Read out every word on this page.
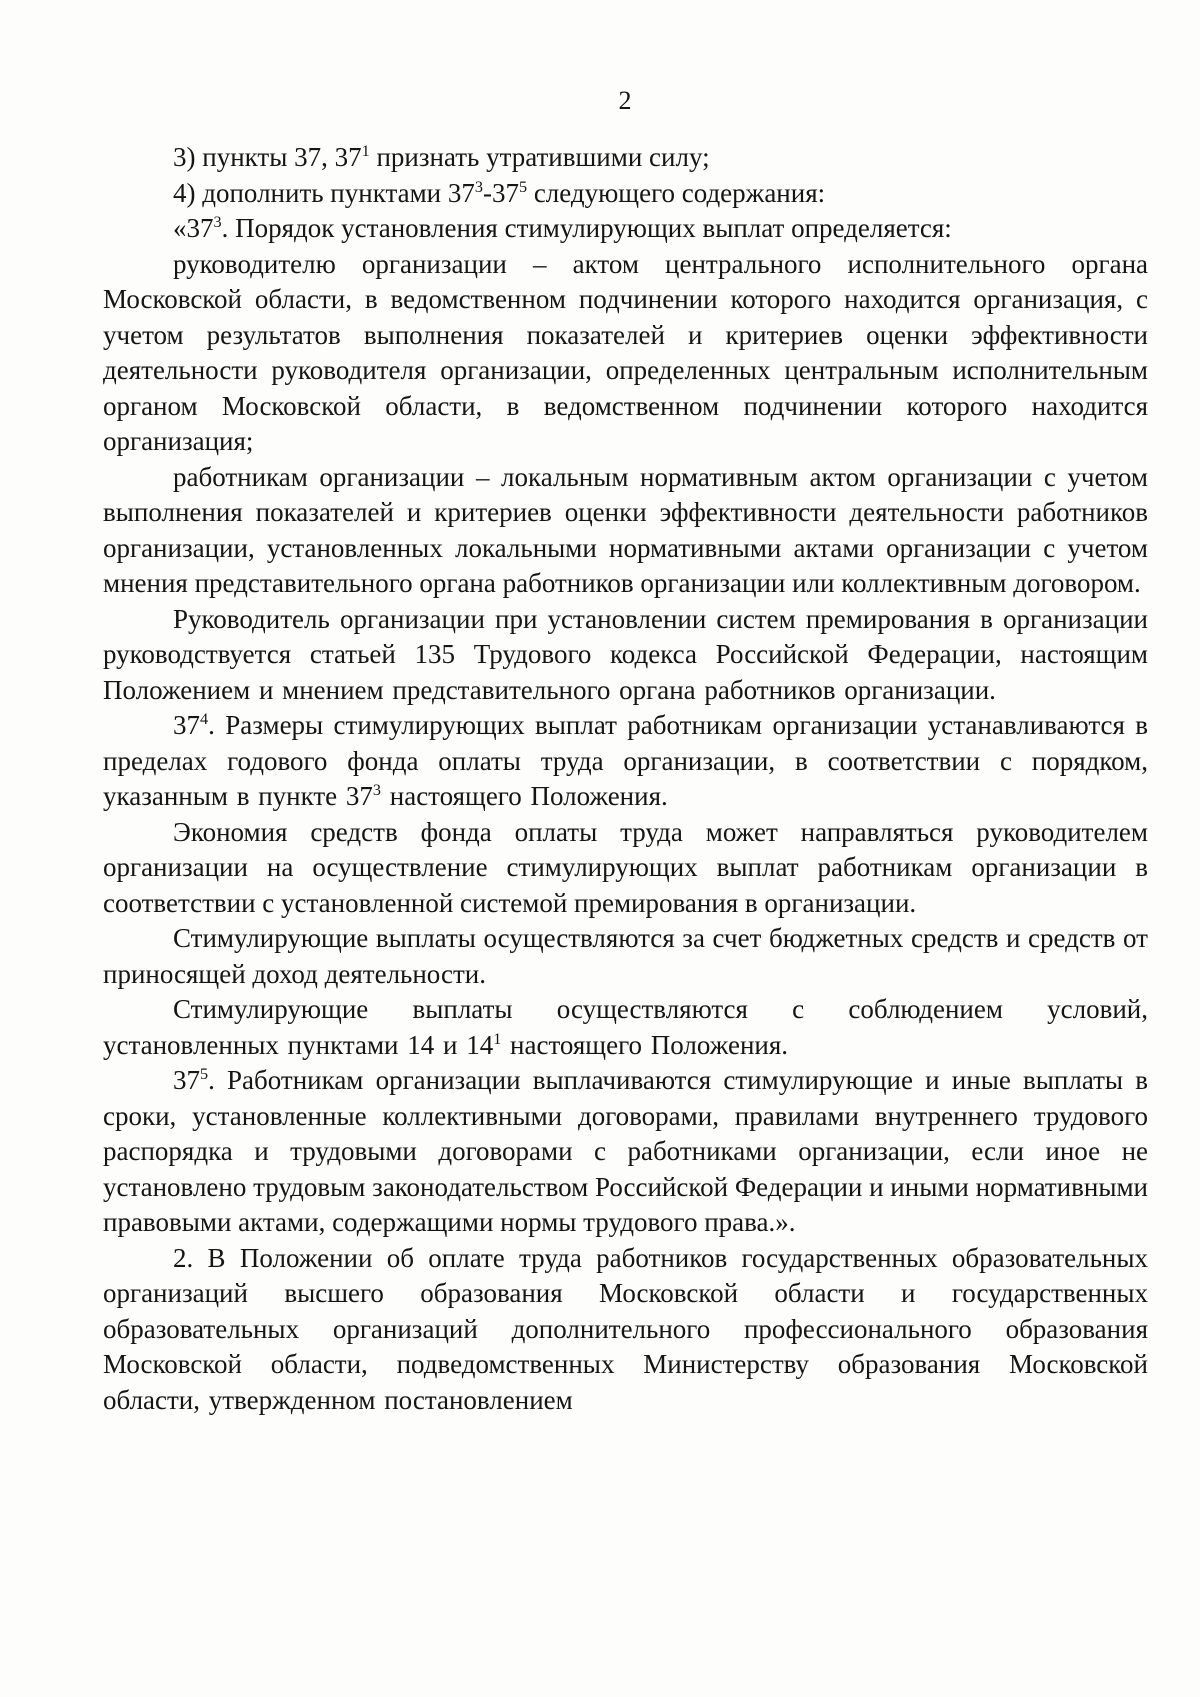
2

3) пункты 37, $37^1$ признать утратившими силу;

4) дополнить пунктами $37^3-37^5$ следующего содержания:

«$37^3$. Порядок установления стимулирующих выплат определяется:

руководителю организации – актом центрального исполнительного органа Московской области, в ведомственном подчинении которого находится организация, с учетом результатов выполнения показателей и критериев оценки эффективности деятельности руководителя организации, определенных центральным исполнительным органом Московской области, в ведомственном подчинении которого находится организация;

работникам организации – локальным нормативным актом организации с учетом выполнения показателей и критериев оценки эффективности деятельности работников организации, установленных локальными нормативными актами организации с учетом мнения представительного органа работников организации или коллективным договором.

Руководитель организации при установлении систем премирования в организации руководствуется статьей 135 Трудового кодекса Российской Федерации, настоящим Положением и мнением представительного органа работников организации.

$37^4$. Размеры стимулирующих выплат работникам организации устанавливаются в пределах годового фонда оплаты труда организации, в соответствии с порядком, указанным в пункте $37^3$ настоящего Положения.

Экономия средств фонда оплаты труда может направляться руководителем организации на осуществление стимулирующих выплат работникам организации в соответствии с установленной системой премирования в организации.

Стимулирующие выплаты осуществляются за счет бюджетных средств и средств от приносящей доход деятельности.

Стимулирующие выплаты осуществляются с соблюдением условий, установленных пунктами 14 и $14^1$ настоящего Положения.

$37^5$. Работникам организации выплачиваются стимулирующие и иные выплаты в сроки, установленные коллективными договорами, правилами внутреннего трудового распорядка и трудовыми договорами с работниками организации, если иное не установлено трудовым законодательством Российской Федерации и иными нормативными правовыми актами, содержащими нормы трудового права.».

2. В Положении об оплате труда работников государственных образовательных организаций высшего образования Московской области и государственных образовательных организаций дополнительного профессионального образования Московской области, подведомственных Министерству образования Московской области, утвержденном постановлением
